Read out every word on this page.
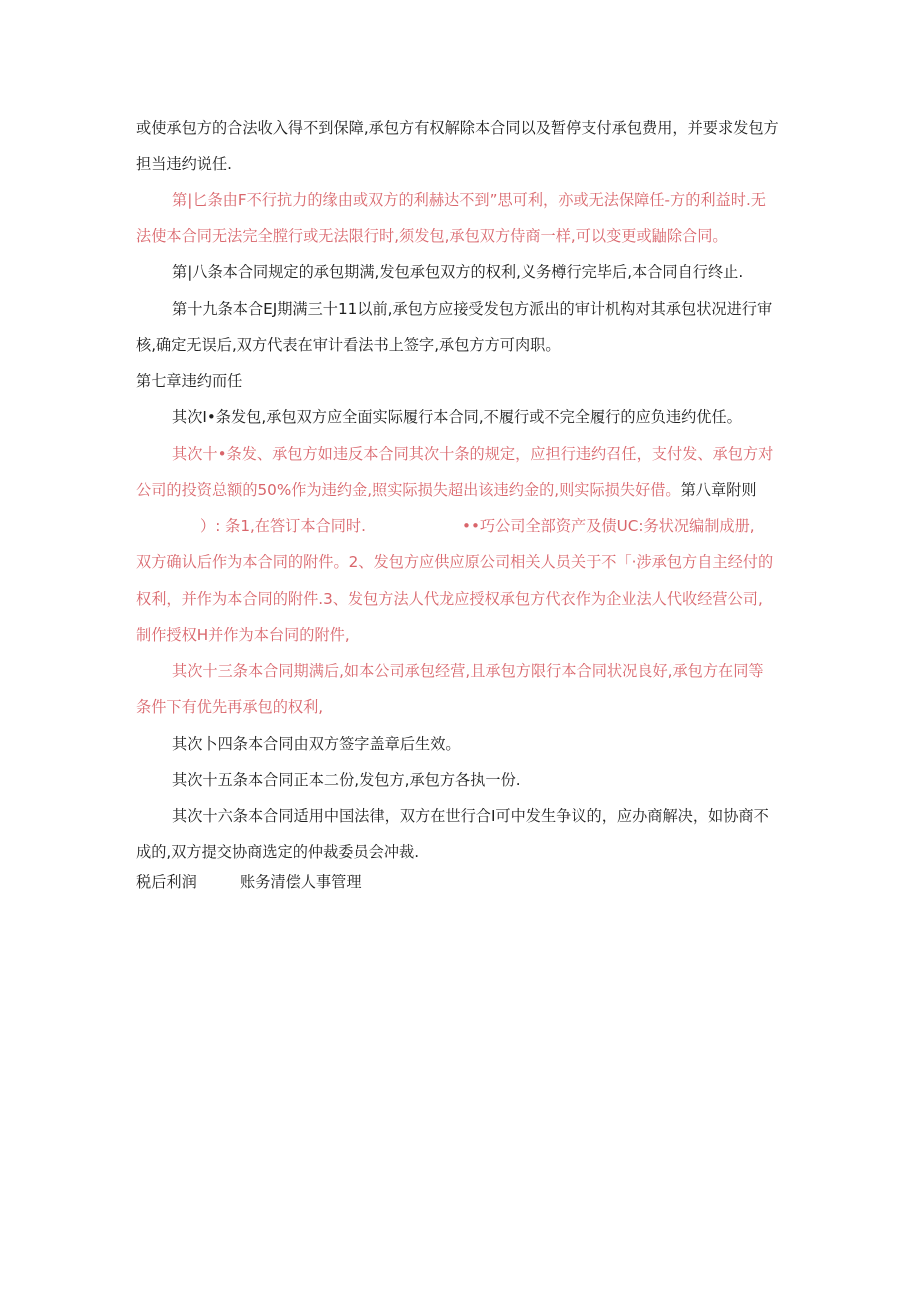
或使承包方的合法收入得不到保障,承包方有权解除本合同以及暂停支付承包费用，并要求发包方
担当违约说任.
第|匕条由F不行抗力的缘由或双方的利赫达不到”思可利，亦或无法保障任-方的利益时.无
法使本合同无法完全膛行或无法限行时,须发包,承包双方侍商一样,可以变更或鼬除合同。
第|八条本合同规定的承包期满,发包承包双方的权利,义务樽行完毕后,本合同自行终止.
第十九条本合EJ期满三十11以前,承包方应接受发包方派出的审计机构对其承包状况进行审
核,确定无误后,双方代表在审计看法书上签字,承包方方可肉职。
第七章违约而任
其次I•条发包,承包双方应全面实际履行本合同,不履行或不完全履行的应负违约优任。
其次十•条发、承包方如违反本合同其次十条的规定，应担行违约召任，支付发、承包方对
公司的投资总额的50%作为违约金,照实际损失超出该违约金的,则实际损失好借。第八章附则
）: 条1,在答订本合同时.	••巧公司全部资产及债UC:务状况编制成册,
双方确认后作为本合同的附件。2、发包方应供应原公司相关人员关于不「·涉承包方自主经付的
权利，并作为本合同的附件.3、发包方法人代龙应授权承包方代衣作为企业法人代收经营公司,
制作授权H并作为本台同的附件,
其次十三条本合同期满后,如本公司承包经营,且承包方限行本合同状况良好,承包方在同等
条件下有优先再承包的权利,
其次卜四条本合同由双方签字盖章后生效。
其次十五条本合同正本二份,发包方,承包方各执一份.
其次十六条本合同适用中国法律，双方在世行合I可中发生争议的，应办商解决，如协商不
成的,双方提交协商选定的仲裁委员会冲裁.
税后利润	账务清偿人事管理
